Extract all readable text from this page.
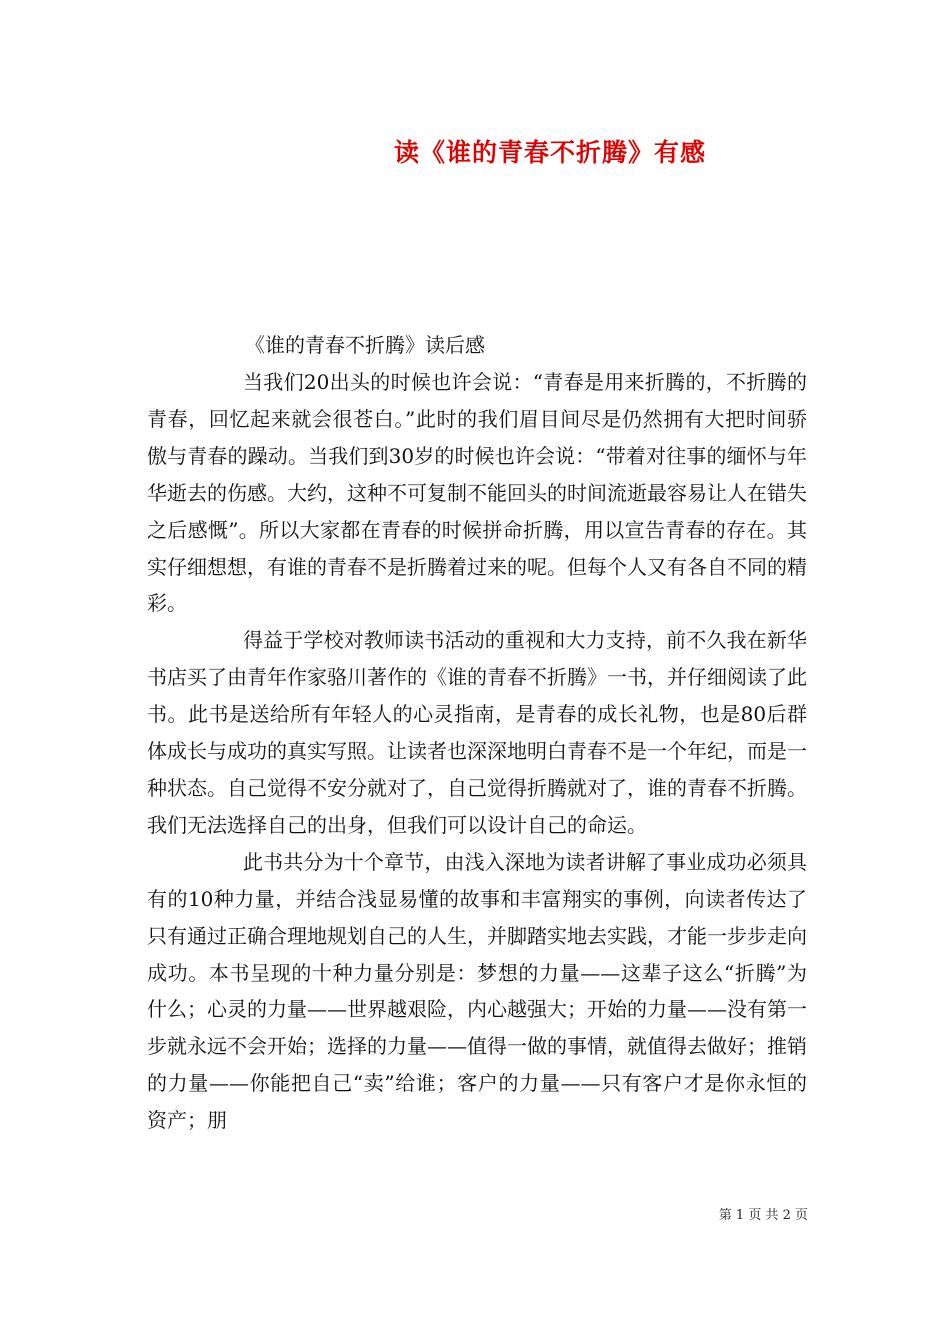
读《谁的青春不折腾》有感

《谁的青春不折腾》读后感

当我们20出头的时候也许会说：“青春是用来折腾的，不折腾的青春，回忆起来就会很苍白。”此时的我们眉目间尽是仍然拥有大把时间骄傲与青春的躁动。当我们到30岁的时候也许会说：“带着对往事的缅怀与年华逝去的伤感。大约，这种不可复制不能回头的时间流逝最容易让人在错失之后感慨”。所以大家都在青春的时候拼命折腾，用以宣告青春的存在。其实仔细想想，有谁的青春不是折腾着过来的呢。但每个人又有各自不同的精彩。

得益于学校对教师读书活动的重视和大力支持，前不久我在新华书店买了由青年作家骆川著作的《谁的青春不折腾》一书，并仔细阅读了此书。此书是送给所有年轻人的心灵指南，是青春的成长礼物，也是80后群体成长与成功的真实写照。让读者也深深地明白青春不是一个年纪，而是一种状态。自己觉得不安分就对了，自己觉得折腾就对了，谁的青春不折腾。我们无法选择自己的出身，但我们可以设计自己的命运。

此书共分为十个章节，由浅入深地为读者讲解了事业成功必须具有的10种力量，并结合浅显易懂的故事和丰富翔实的事例，向读者传达了只有通过正确合理地规划自己的人生，并脚踏实地去实践，才能一步步走向成功。本书呈现的十种力量分别是：梦想的力量——这辈子这么“折腾”为什么；心灵的力量——世界越艰险，内心越强大；开始的力量——没有第一步就永远不会开始；选择的力量——值得一做的事情，就值得去做好；推销的力量——你能把自己“卖”给谁；客户的力量——只有客户才是你永恒的资产；朋

第 1 页 共 2 页
